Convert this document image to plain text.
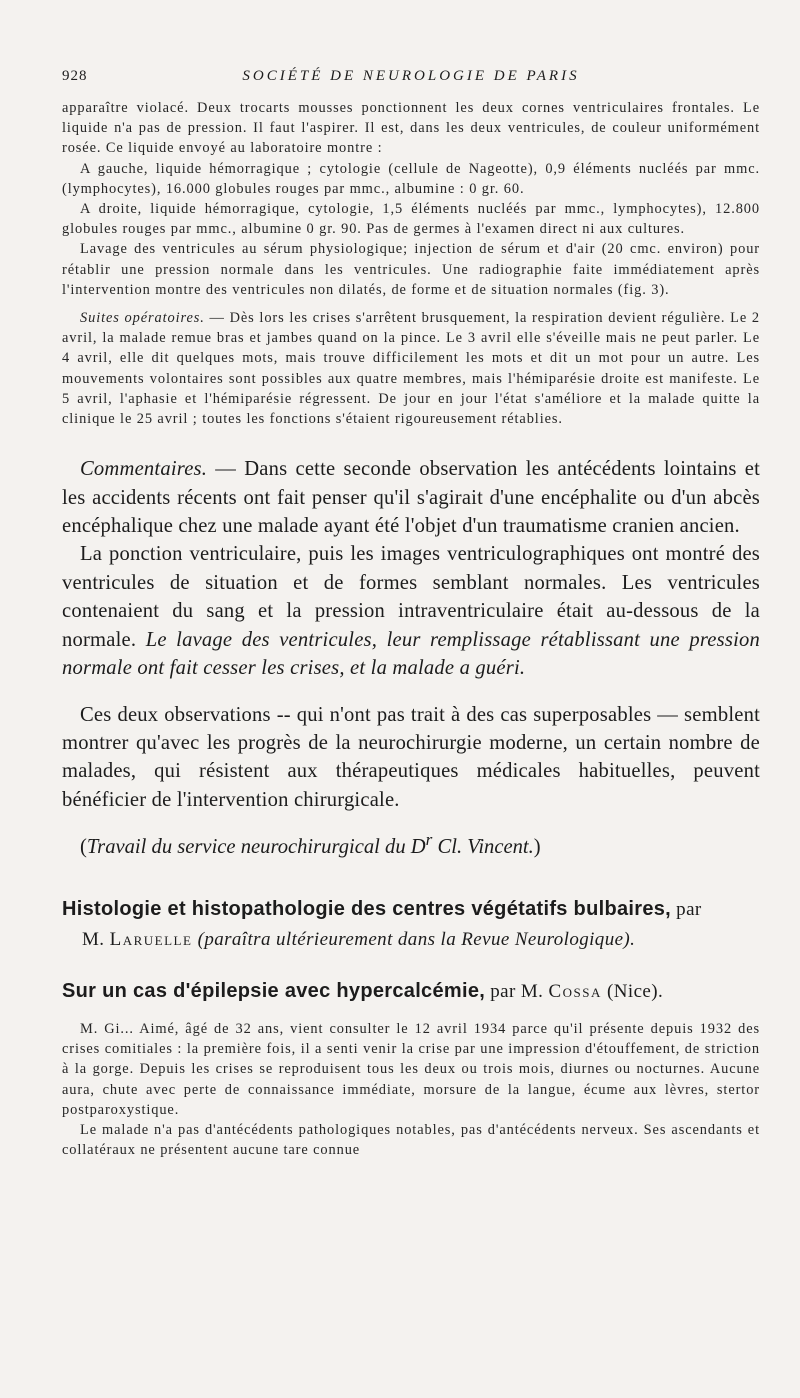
928	SOCIÉTÉ DE NEUROLOGIE DE PARIS

apparaître violacé. Deux trocarts mousses ponctionnent les deux cornes ventriculaires frontales. Le liquide n'a pas de pression. Il faut l'aspirer. Il est, dans les deux ventricules, de couleur uniformément rosée. Ce liquide envoyé au laboratoire montre :

A gauche, liquide hémorragique ; cytologie (cellule de Nageotte), 0,9 éléments nucléés par mmc. (lymphocytes), 16.000 globules rouges par mmc., albumine : 0 gr. 60.

A droite, liquide hémorragique, cytologie, 1,5 éléments nucléés par mmc., lymphocytes), 12.800 globules rouges par mmc., albumine 0 gr. 90. Pas de germes à l'examen direct ni aux cultures.

Lavage des ventricules au sérum physiologique; injection de sérum et d'air (20 cmc. environ) pour rétablir une pression normale dans les ventricules. Une radiographie faite immédiatement après l'intervention montre des ventricules non dilatés, de forme et de situation normales (fig. 3).

Suites opératoires. — Dès lors les crises s'arrêtent brusquement, la respiration devient régulière. Le 2 avril, la malade remue bras et jambes quand on la pince. Le 3 avril elle s'éveille mais ne peut parler. Le 4 avril, elle dit quelques mots, mais trouve difficilement les mots et dit un mot pour un autre. Les mouvements volontaires sont possibles aux quatre membres, mais l'hémiparésie droite est manifeste. Le 5 avril, l'aphasie et l'hémiparésie régressent. De jour en jour l'état s'améliore et la malade quitte la clinique le 25 avril ; toutes les fonctions s'étaient rigoureusement rétablies.

Commentaires. — Dans cette seconde observation les antécédents lointains et les accidents récents ont fait penser qu'il s'agirait d'une encéphalite ou d'un abcès encéphalique chez une malade ayant été l'objet d'un traumatisme cranien ancien.

La ponction ventriculaire, puis les images ventriculographiques ont montré des ventricules de situation et de formes semblant normales. Les ventricules contenaient du sang et la pression intraventriculaire était au-dessous de la normale. Le lavage des ventricules, leur remplissage rétablissant une pression normale ont fait cesser les crises, et la malade a guéri.

Ces deux observations -- qui n'ont pas trait à des cas superposables — semblent montrer qu'avec les progrès de la neurochirurgie moderne, un certain nombre de malades, qui résistent aux thérapeutiques médicales habituelles, peuvent bénéficier de l'intervention chirurgicale.

(Travail du service neurochirurgical du $D^r$ Cl. Vincent.)

Histologie et histopathologie des centres végétatifs bulbaires, par
M. Laruelle (paraîtra ultérieurement dans la Revue Neurologique).
Sur un cas d'épilepsie avec hypercalcémie, par M. Cossa (Nice).

M. Gi... Aimé, âgé de 32 ans, vient consulter le 12 avril 1934 parce qu'il présente depuis 1932 des crises comitiales : la première fois, il a senti venir la crise par une impression d'étouffement, de striction à la gorge. Depuis les crises se reproduisent tous les deux ou trois mois, diurnes ou nocturnes. Aucune aura, chute avec perte de connaissance immédiate, morsure de la langue, écume aux lèvres, stertor postparoxystique.

Le malade n'a pas d'antécédents pathologiques notables, pas d'antécédents nerveux. Ses ascendants et collatéraux ne présentent aucune tare connue
